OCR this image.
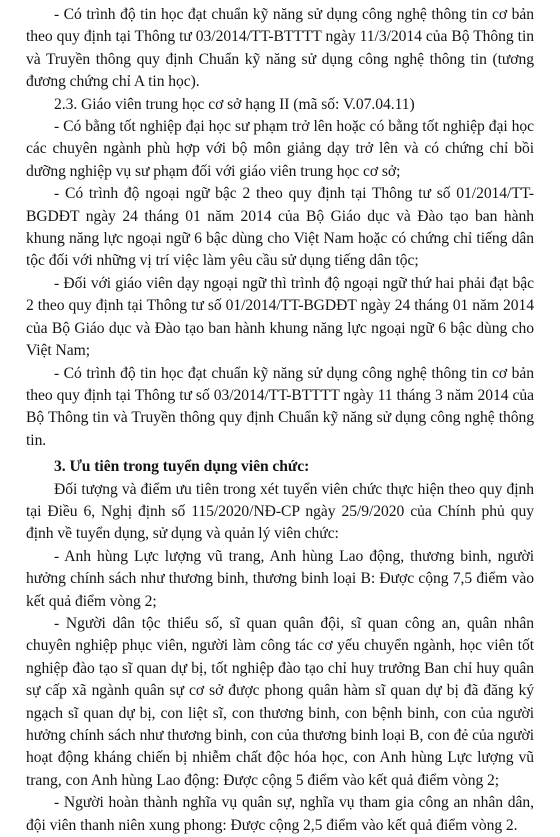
- Có trình độ tin học đạt chuẩn kỹ năng sử dụng công nghệ thông tin cơ bản theo quy định tại Thông tư 03/2014/TT-BTTTT ngày 11/3/2014 của Bộ Thông tin và Truyền thông quy định Chuẩn kỹ năng sử dụng công nghệ thông tin (tương đương chứng chỉ A tin học).

2.3. Giáo viên trung học cơ sở hạng II (mã số: V.07.04.11)

- Có bằng tốt nghiệp đại học sư phạm trở lên hoặc có bằng tốt nghiệp đại học các chuyên ngành phù hợp với bộ môn giảng dạy trở lên và có chứng chỉ bồi dưỡng nghiệp vụ sư phạm đối với giáo viên trung học cơ sở;

- Có trình độ ngoại ngữ bậc 2 theo quy định tại Thông tư số 01/2014/TT-BGDĐT ngày 24 tháng 01 năm 2014 của Bộ Giáo dục và Đào tạo ban hành khung năng lực ngoại ngữ 6 bậc dùng cho Việt Nam hoặc có chứng chỉ tiếng dân tộc đối với những vị trí việc làm yêu cầu sử dụng tiếng dân tộc;

- Đối với giáo viên dạy ngoại ngữ thì trình độ ngoại ngữ thứ hai phải đạt bậc 2 theo quy định tại Thông tư số 01/2014/TT-BGDĐT ngày 24 tháng 01 năm 2014 của Bộ Giáo dục và Đào tạo ban hành khung năng lực ngoại ngữ 6 bậc dùng cho Việt Nam;

- Có trình độ tin học đạt chuẩn kỹ năng sử dụng công nghệ thông tin cơ bản theo quy định tại Thông tư số 03/2014/TT-BTTTT ngày 11 tháng 3 năm 2014 của Bộ Thông tin và Truyền thông quy định Chuẩn kỹ năng sử dụng công nghệ thông tin.

3. Ưu tiên trong tuyển dụng viên chức:

Đối tượng và điểm ưu tiên trong xét tuyển viên chức thực hiện theo quy định tại Điều 6, Nghị định số 115/2020/NĐ-CP ngày 25/9/2020 của Chính phủ quy định về tuyển dụng, sử dụng và quản lý viên chức:

- Anh hùng Lực lượng vũ trang, Anh hùng Lao động, thương binh, người hưởng chính sách như thương binh, thương binh loại B: Được cộng 7,5 điểm vào kết quả điểm vòng 2;

- Người dân tộc thiểu số, sĩ quan quân đội, sĩ quan công an, quân nhân chuyên nghiệp phục viên, người làm công tác cơ yếu chuyển ngành, học viên tốt nghiệp đào tạo sĩ quan dự bị, tốt nghiệp đào tạo chỉ huy trưởng Ban chỉ huy quân sự cấp xã ngành quân sự cơ sở được phong quân hàm sĩ quan dự bị đã đăng ký ngạch sĩ quan dự bị, con liệt sĩ, con thương binh, con bệnh binh, con của người hưởng chính sách như thương binh, con của thương binh loại B, con đẻ của người hoạt động kháng chiến bị nhiễm chất độc hóa học, con Anh hùng Lực lượng vũ trang, con Anh hùng Lao động: Được cộng 5 điểm vào kết quả điểm vòng 2;

- Người hoàn thành nghĩa vụ quân sự, nghĩa vụ tham gia công an nhân dân, đội viên thanh niên xung phong: Được cộng 2,5 điểm vào kết quả điểm vòng 2.
